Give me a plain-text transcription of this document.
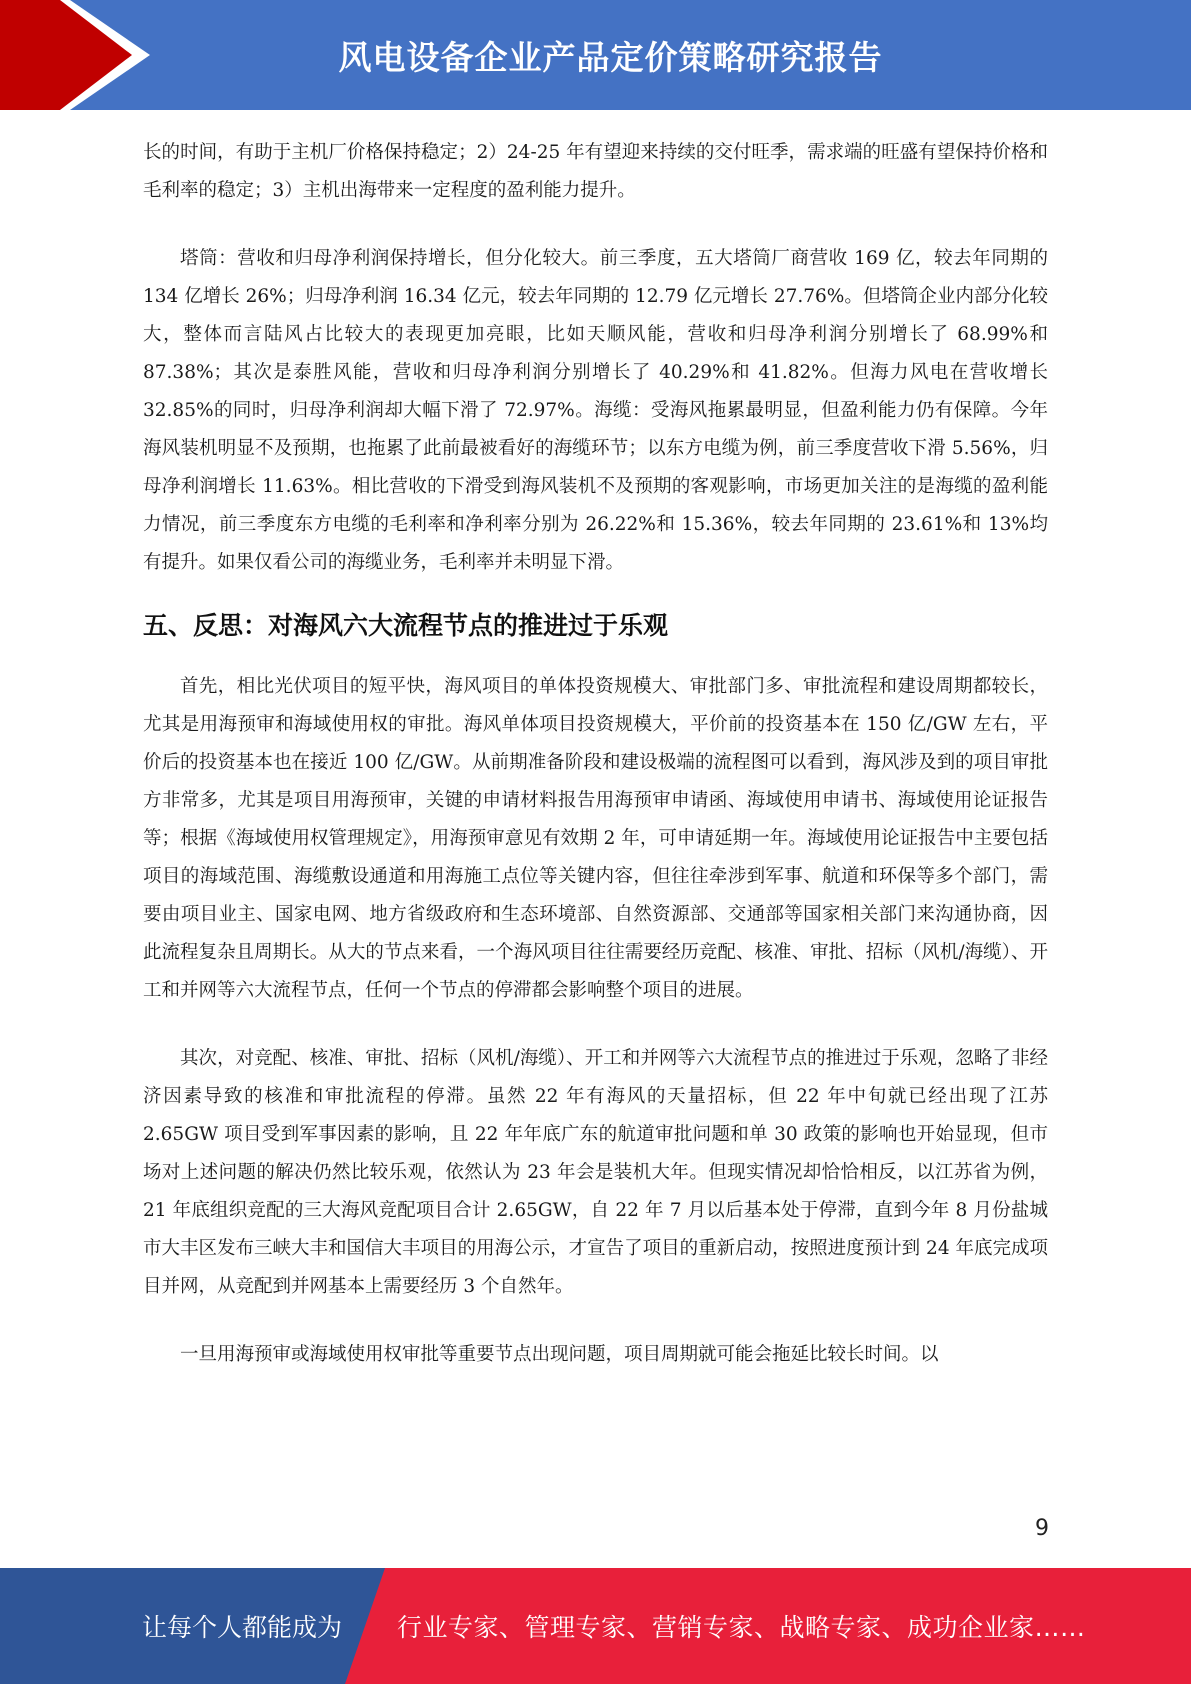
风电设备企业产品定价策略研究报告

长的时间，有助于主机厂价格保持稳定；2）24-25 年有望迎来持续的交付旺季，需求端的旺盛有望保持价格和毛利率的稳定；3）主机出海带来一定程度的盈利能力提升。

塔筒：营收和归母净利润保持增长，但分化较大。前三季度，五大塔筒厂商营收 169 亿，较去年同期的 134 亿增长 26%；归母净利润 16.34 亿元，较去年同期的 12.79 亿元增长 27.76%。但塔筒企业内部分化较大，整体而言陆风占比较大的表现更加亮眼，比如天顺风能，营收和归母净利润分别增长了 68.99%和 87.38%；其次是泰胜风能，营收和归母净利润分别增长了 40.29%和 41.82%。但海力风电在营收增长 32.85%的同时，归母净利润却大幅下滑了 72.97%。海缆：受海风拖累最明显，但盈利能力仍有保障。今年海风装机明显不及预期，也拖累了此前最被看好的海缆环节；以东方电缆为例，前三季度营收下滑 5.56%，归母净利润增长 11.63%。相比营收的下滑受到海风装机不及预期的客观影响，市场更加关注的是海缆的盈利能力情况，前三季度东方电缆的毛利率和净利率分别为 26.22%和 15.36%，较去年同期的 23.61%和 13%均有提升。如果仅看公司的海缆业务，毛利率并未明显下滑。

五、反思：对海风六大流程节点的推进过于乐观

首先，相比光伏项目的短平快，海风项目的单体投资规模大、审批部门多、审批流程和建设周期都较长，尤其是用海预审和海域使用权的审批。海风单体项目投资规模大，平价前的投资基本在 150 亿/GW 左右，平价后的投资基本也在接近 100 亿/GW。从前期准备阶段和建设极端的流程图可以看到，海风涉及到的项目审批方非常多，尤其是项目用海预审，关键的申请材料报告用海预审申请函、海域使用申请书、海域使用论证报告等；根据《海域使用权管理规定》，用海预审意见有效期 2 年，可申请延期一年。海域使用论证报告中主要包括项目的海域范围、海缆敷设通道和用海施工点位等关键内容，但往往牵涉到军事、航道和环保等多个部门，需要由项目业主、国家电网、地方省级政府和生态环境部、自然资源部、交通部等国家相关部门来沟通协商，因此流程复杂且周期长。从大的节点来看，一个海风项目往往需要经历竞配、核准、审批、招标（风机/海缆）、开工和并网等六大流程节点，任何一个节点的停滞都会影响整个项目的进展。

其次，对竞配、核准、审批、招标（风机/海缆）、开工和并网等六大流程节点的推进过于乐观，忽略了非经济因素导致的核准和审批流程的停滞。虽然 22 年有海风的天量招标，但 22 年中旬就已经出现了江苏 2.65GW 项目受到军事因素的影响，且 22 年年底广东的航道审批问题和单 30 政策的影响也开始显现，但市场对上述问题的解决仍然比较乐观，依然认为 23 年会是装机大年。但现实情况却恰恰相反，以江苏省为例，21 年底组织竞配的三大海风竞配项目合计 2.65GW，自 22 年 7 月以后基本处于停滞，直到今年 8 月份盐城市大丰区发布三峡大丰和国信大丰项目的用海公示，才宣告了项目的重新启动，按照进度预计到 24 年底完成项目并网，从竞配到并网基本上需要经历 3 个自然年。

一旦用海预审或海域使用权审批等重要节点出现问题，项目周期就可能会拖延比较长时间。以

9
让每个人都能成为 行业专家、管理专家、营销专家、战略专家、成功企业家……
